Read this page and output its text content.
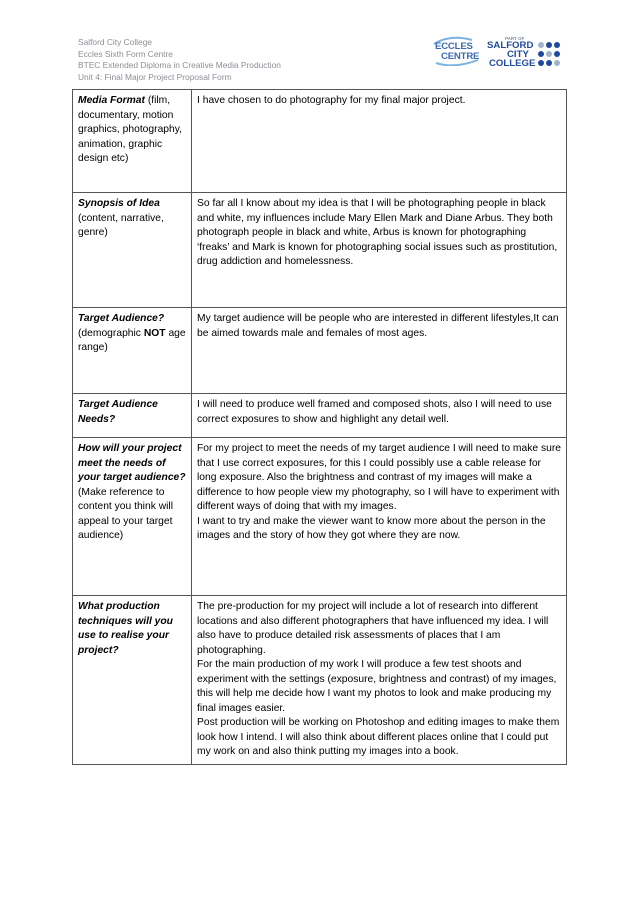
Salford City College
Eccles Sixth Form Centre
BTEC Extended Diploma in Creative Media Production
Unit 4: Final Major Project Proposal Form
ECCLES
CENTRE
PART OF
SALFORD
CITY
COLLEGE
Media Format (film, documentary, motion graphics, photography, animation, graphic design etc)	I have chosen to do photography for my final major project.

Synopsis of Idea (content, narrative, genre)	So far all I know about my idea is that I will be photographing people in black and white, my influences include Mary Ellen Mark and Diane Arbus. They both photograph people in black and white, Arbus is known for photographing ‘freaks’ and Mark is known for photographing social issues such as prostitution, drug addiction and homelessness.

Target Audience? (demographic NOT age range)	My target audience will be people who are interested in different lifestyles,It can be aimed towards male and females of most ages.

Target Audience Needs?	I will need to produce well framed and composed shots, also I will need to use correct exposures to show and highlight any detail well.

How will your project meet the needs of your target audience? (Make reference to content you think will appeal to your target audience)	For my project to meet the needs of my target audience I will need to make sure that I use correct exposures, for this I could possibly use a cable release for long exposure. Also the brightness and contrast of my images will make a difference to how people view my photography, so I will have to experiment with different ways of doing that with my images.
I want to try and make the viewer want to know more about the person in the images and the story of how they got where they are now.

What production techniques will you use to realise your project?	The pre-production for my project will include a lot of research into different locations and also different photographers that have influenced my idea. I will also have to produce detailed risk assessments of places that I am photographing.
For the main production of my work I will produce a few test shoots and experiment with the settings (exposure, brightness and contrast) of my images, this will help me decide how I want my photos to look and make producing my final images easier.
Post production will be working on Photoshop and editing images to make them look how I intend. I will also think about different places online that I could put my work on and also think putting my images into a book.
